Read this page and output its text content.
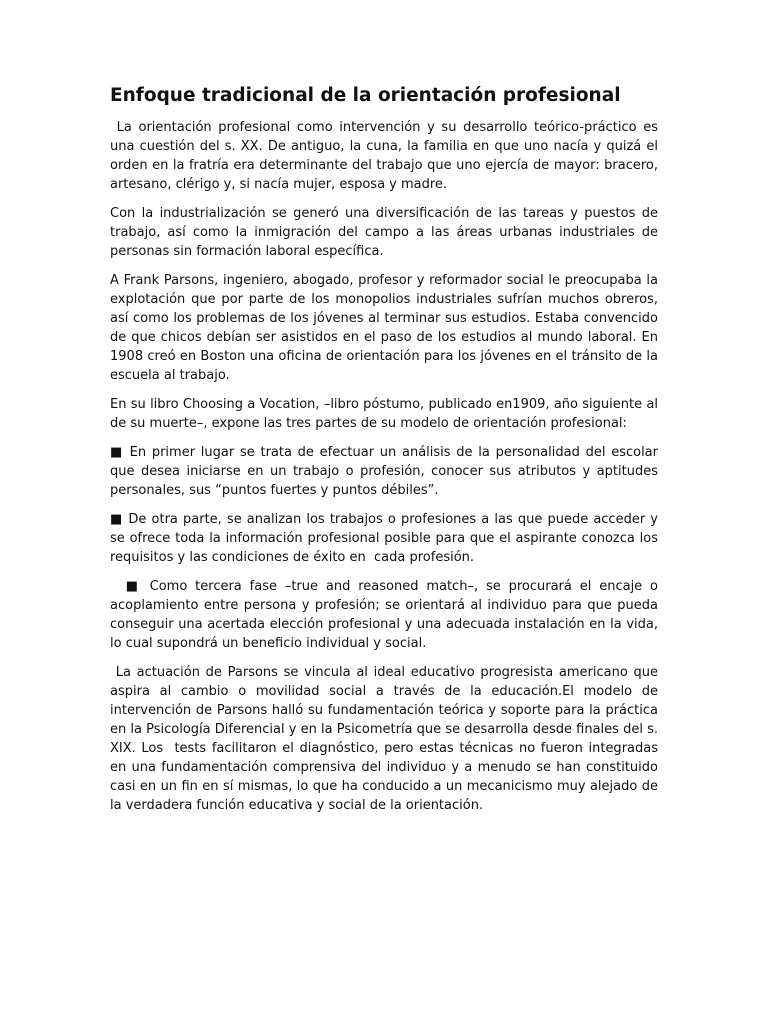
Enfoque tradicional de la orientación profesional

La orientación profesional como intervención y su desarrollo teórico-práctico es una cuestión del s. XX. De antiguo, la cuna, la familia en que uno nacía y quizá el orden en la fratría era determinante del trabajo que uno ejercía de mayor: bracero, artesano, clérigo y, si nacía mujer, esposa y madre.

Con la industrialización se generó una diversificación de las tareas y puestos de trabajo, así como la inmigración del campo a las áreas urbanas industriales de personas sin formación laboral específica.

A Frank Parsons, ingeniero, abogado, profesor y reformador social le preocupaba la explotación que por parte de los monopolios industriales sufrían muchos obreros, así como los problemas de los jóvenes al terminar sus estudios. Estaba convencido de que chicos debían ser asistidos en el paso de los estudios al mundo laboral. En 1908 creó en Boston una oficina de orientación para los jóvenes en el tránsito de la escuela al trabajo.

En su libro Choosing a Vocation, –libro póstumo, publicado en1909, año siguiente al de su muerte–, expone las tres partes de su modelo de orientación profesional:

■ En primer lugar se trata de efectuar un análisis de la personalidad del escolar que desea iniciarse en un trabajo o profesión, conocer sus atributos y aptitudes personales, sus “puntos fuertes y puntos débiles”.

■ De otra parte, se analizan los trabajos o profesiones a las que puede acceder y se ofrece toda la información profesional posible para que el aspirante conozca los requisitos y las condiciones de éxito en  cada profesión.

■ Como tercera fase –true and reasoned match–, se procurará el encaje o acoplamiento entre persona y profesión; se orientará al individuo para que pueda conseguir una acertada elección profesional y una adecuada instalación en la vida, lo cual supondrá un beneficio individual y social.

La actuación de Parsons se vincula al ideal educativo progresista americano que aspira al cambio o movilidad social a través de la educación.El modelo de intervención de Parsons halló su fundamentación teórica y soporte para la práctica en la Psicología Diferencial y en la Psicometría que se desarrolla desde finales del s. XIX. Los  tests facilitaron el diagnóstico, pero estas técnicas no fueron integradas en una fundamentación comprensiva del individuo y a menudo se han constituido casi en un fin en sí mismas, lo que ha conducido a un mecanicismo muy alejado de la verdadera función educativa y social de la orientación.
